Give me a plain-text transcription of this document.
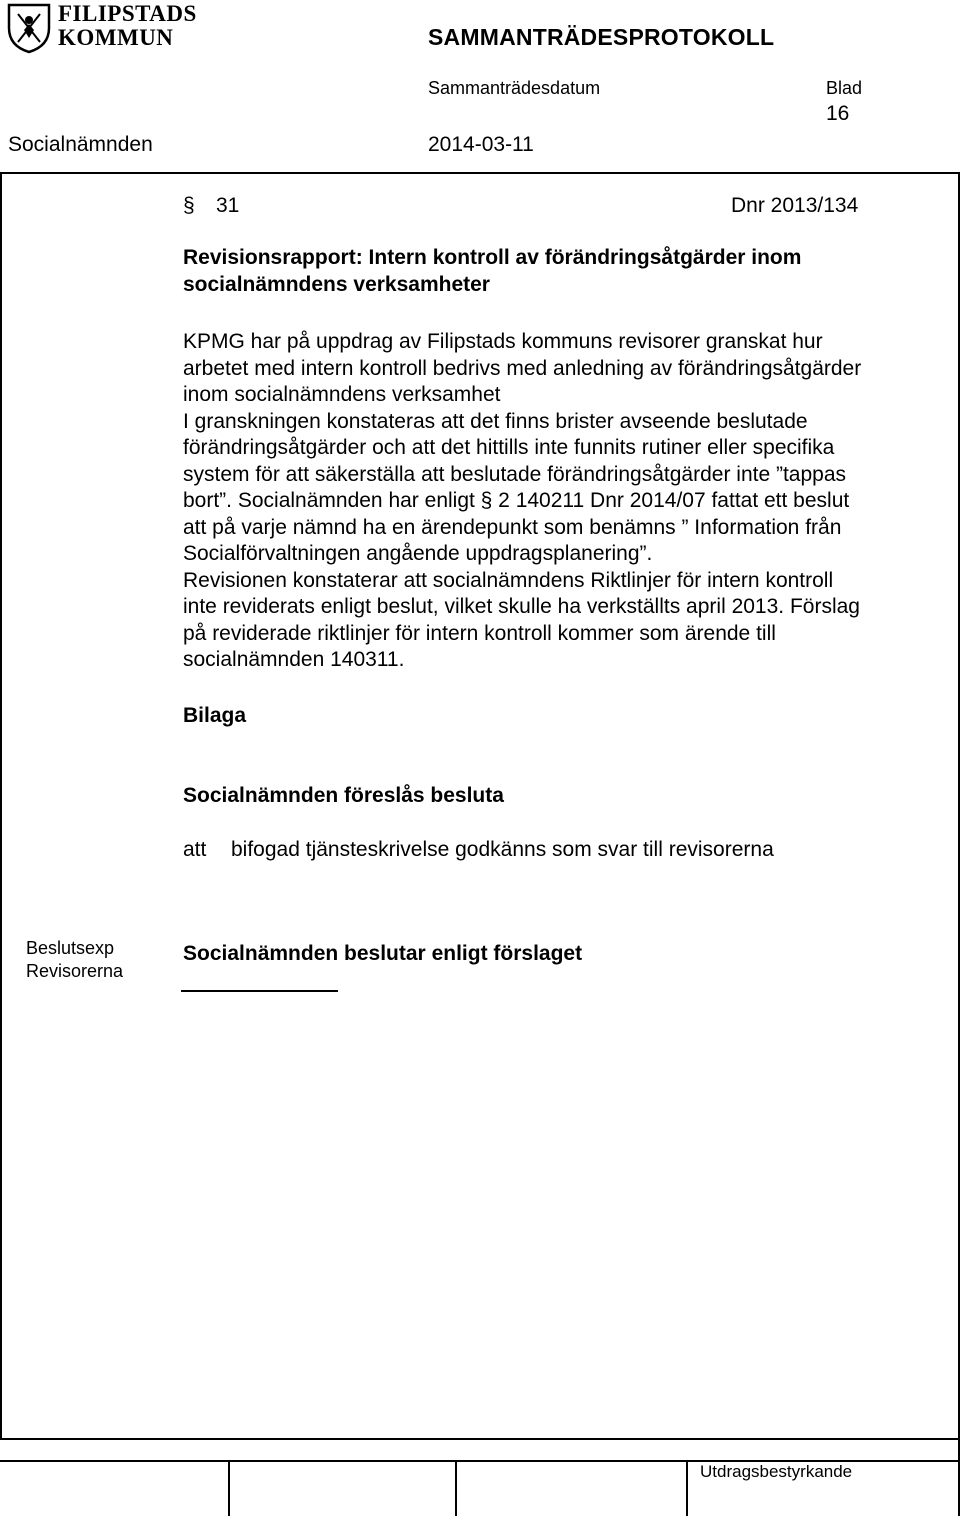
FILIPSTADS
KOMMUN	SAMMANTRÄDESPROTOKOLL
Sammanträdesdatum	Blad
16
Socialnämnden	2014-03-11
§ 31	Dnr 2013/134

Revisionsrapport: Intern kontroll av förändringsåtgärder inom

socialnämndens verksamheter

KPMG har på uppdrag av Filipstads kommuns revisorer granskat hur

arbetet med intern kontroll bedrivs med anledning av förändringsåtgärder

inom socialnämndens verksamhet

I granskningen konstateras att det finns brister avseende beslutade

förändringsåtgärder och att det hittills inte funnits rutiner eller specifika

system för att säkerställa att beslutade förändringsåtgärder inte ”tappas

bort”. Socialnämnden har enligt § 2 140211 Dnr 2014/07 fattat ett beslut

att på varje nämnd ha en ärendepunkt som benämns ” Information från

Socialförvaltningen angående uppdragsplanering”.

Revisionen konstaterar att socialnämndens Riktlinjer för intern kontroll

inte reviderats enligt beslut, vilket skulle ha verkställts april 2013. Förslag

på reviderade riktlinjer för intern kontroll kommer som ärende till

socialnämnden 140311.

Bilaga
Socialnämnden föreslås besluta
att bifogad tjänsteskrivelse godkänns som svar till revisorerna
Beslutsexp
Revisorerna
Socialnämnden beslutar enligt förslaget
Utdragsbestyrkande
